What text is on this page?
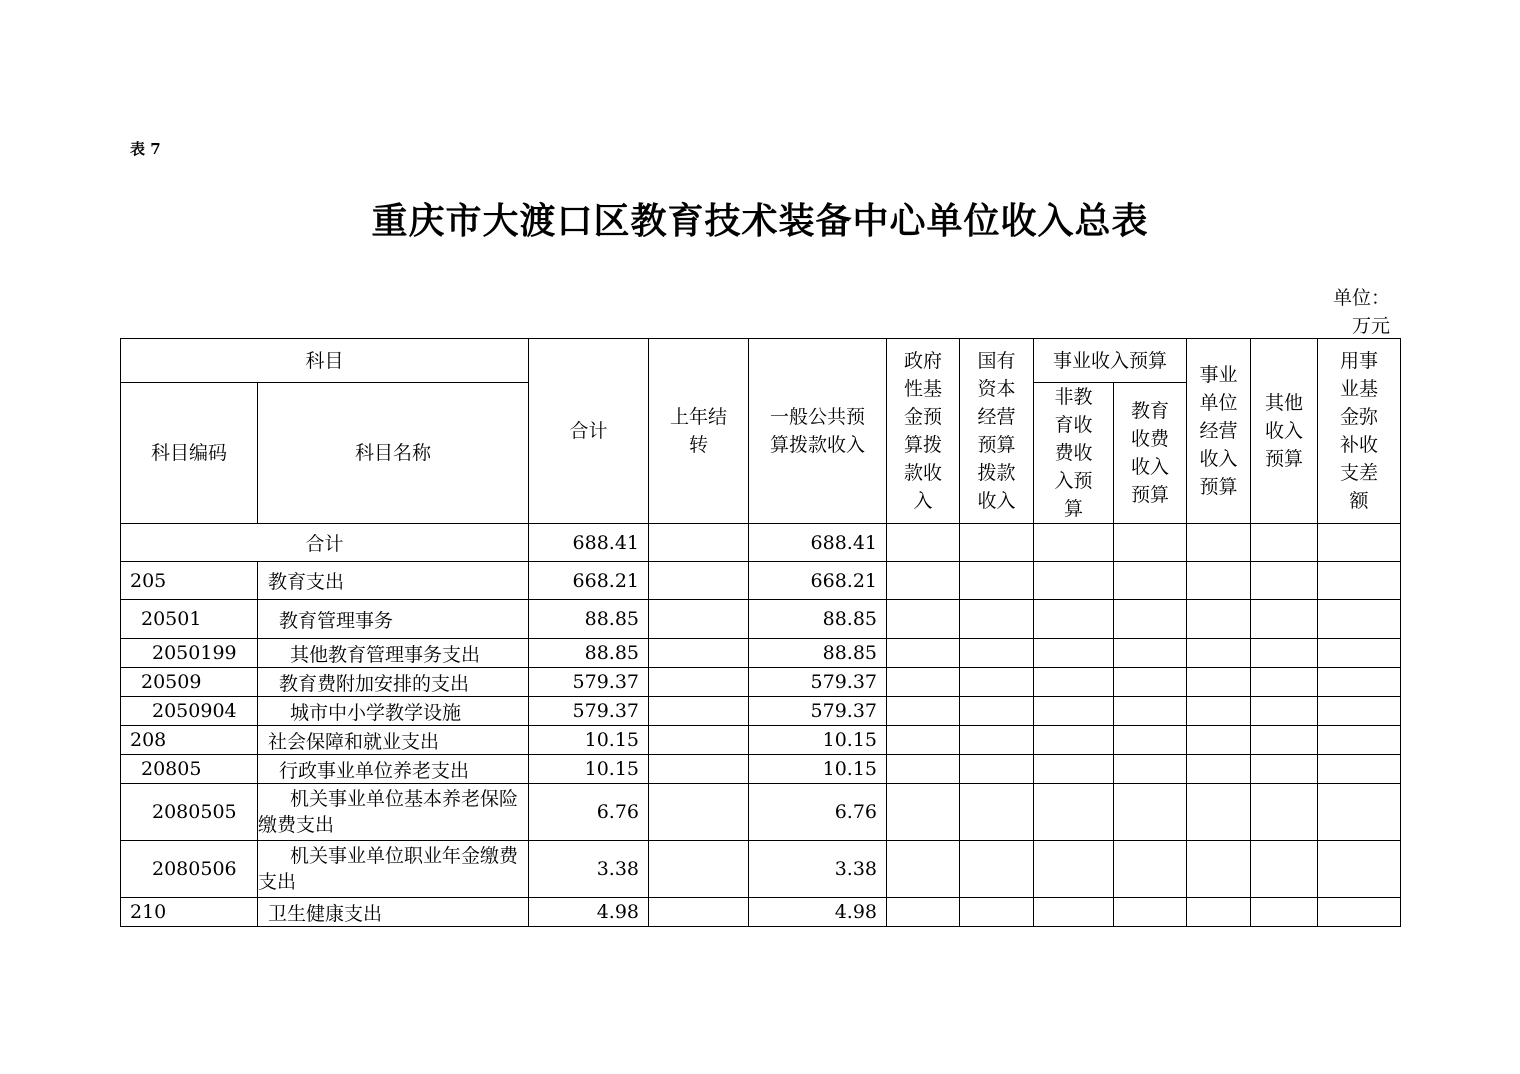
表 7
重庆市大渡口区教育技术装备中心单位收入总表
单位：
万元
科目		合计	上年结转	一般公共预算拨款收入	政府性基金预算拨款收入	国有资本经营预算拨款收入	事业收入预算		事业单位经营收入预算	其他收入预算	用事业基金弥补收支差额

科目编码	科目名称						非教育收费收入预算	教育收费收入预算			

合计		688.41		688.41							
205	教育支出	668.21		668.21							
20501	教育管理事务	88.85		88.85							
2050199	其他教育管理事务支出	88.85		88.85							
20509	教育费附加安排的支出	579.37		579.37							
2050904	城市中小学教学设施	579.37		579.37							
208	社会保障和就业支出	10.15		10.15							
20805	行政事业单位养老支出	10.15		10.15							
2080505	机关事业单位基本养老保险缴费支出	6.76		6.76							
2080506	机关事业单位职业年金缴费支出	3.38		3.38							
210	卫生健康支出	4.98		4.98							
